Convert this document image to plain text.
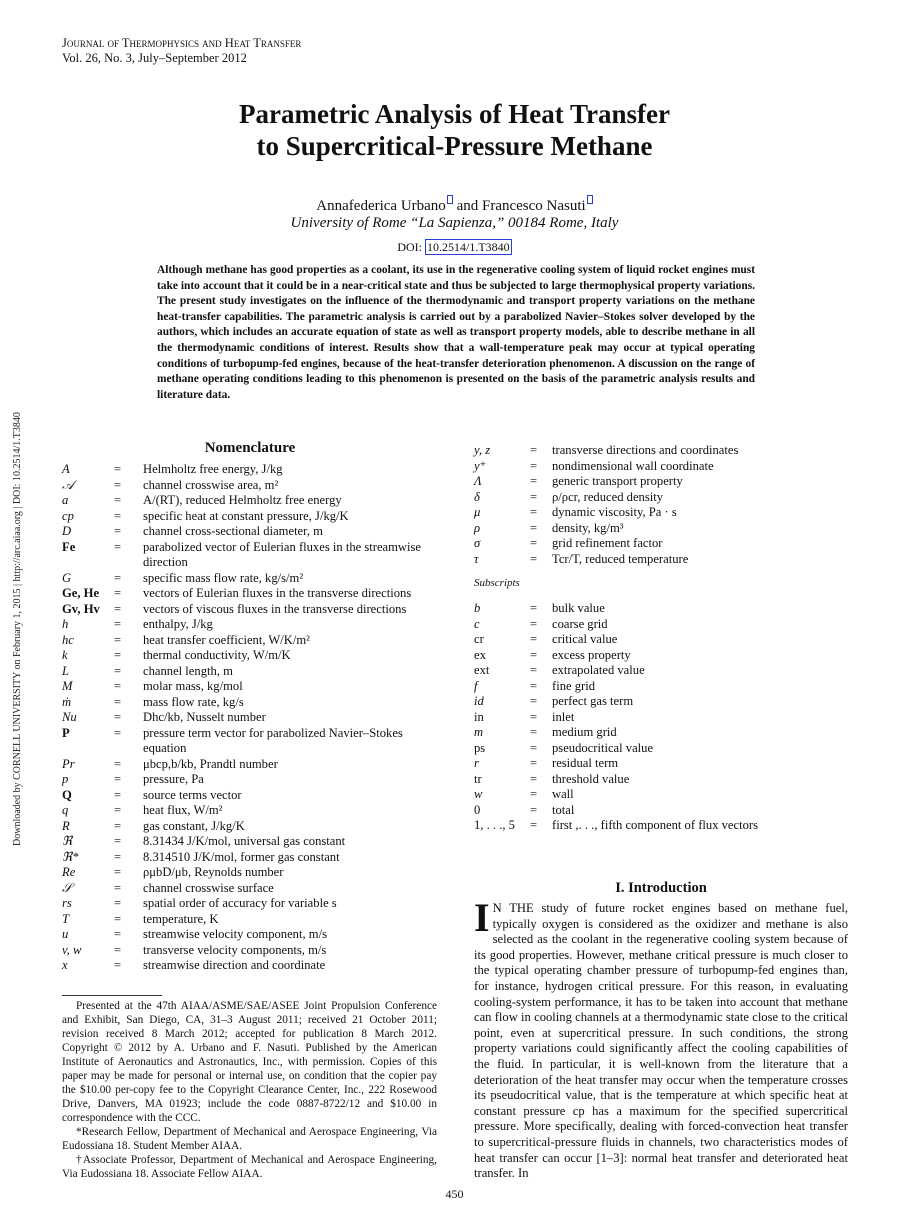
Journal of Thermophysics and Heat Transfer
Vol. 26, No. 3, July–September 2012
Downloaded by CORNELL UNIVERSITY on February 1, 2015 | http://arc.aiaa.org | DOI: 10.2514/1.T3840
Parametric Analysis of Heat Transfer
to Supercritical-Pressure Methane
Annafederica Urbano and Francesco Nasuti
University of Rome “La Sapienza,” 00184 Rome, Italy
DOI: 10.2514/1.T3840
Although methane has good properties as a coolant, its use in the regenerative cooling system of liquid rocket engines must take into account that it could be in a near-critical state and thus be subjected to large thermophysical property variations. The present study investigates on the influence of the thermodynamic and transport property variations on the methane heat-transfer capabilities. The parametric analysis is carried out by a parabolized Navier–Stokes solver developed by the authors, which includes an accurate equation of state as well as transport property models, able to describe methane in all the thermodynamic conditions of interest. Results show that a wall-temperature peak may occur at typical operating conditions of turbopump-fed engines, because of the heat-transfer deterioration phenomenon. A discussion on the range of methane operating conditions leading to this phenomenon is presented on the basis of the parametric analysis results and literature data.
Nomenclature
A	=	Helmholtz free energy, J/kg
𝒜	=	channel crosswise area, m²
a	=	A/(RT), reduced Helmholtz free energy
cp	=	specific heat at constant pressure, J/kg/K
D	=	channel cross-sectional diameter, m
Fe	=	parabolized vector of Eulerian fluxes in the streamwise direction
G	=	specific mass flow rate, kg/s/m²
Ge, He	=	vectors of Eulerian fluxes in the transverse directions
Gv, Hv	=	vectors of viscous fluxes in the transverse directions
h	=	enthalpy, J/kg
hc	=	heat transfer coefficient, W/K/m²
k	=	thermal conductivity, W/m/K
L	=	channel length, m
M	=	molar mass, kg/mol
ṁ	=	mass flow rate, kg/s
Nu	=	Dhc/kb, Nusselt number
P	=	pressure term vector for parabolized Navier–Stokes equation
Pr	=	μbcp,b/kb, Prandtl number
p	=	pressure, Pa
Q	=	source terms vector
q	=	heat flux, W/m²
R	=	gas constant, J/kg/K
ℜ	=	8.31434 J/K/mol, universal gas constant
ℜ*	=	8.314510 J/K/mol, former gas constant
Re	=	ρμbD/μb, Reynolds number
𝒮	=	channel crosswise surface
rs	=	spatial order of accuracy for variable s
T	=	temperature, K
u	=	streamwise velocity component, m/s
v, w	=	transverse velocity components, m/s
x	=	streamwise direction and coordinate
y, z	=	transverse directions and coordinates
y⁺	=	nondimensional wall coordinate
Λ	=	generic transport property
δ	=	ρ/ρcr, reduced density
μ	=	dynamic viscosity, Pa · s
ρ	=	density, kg/m³
σ	=	grid refinement factor
τ	=	Tcr/T, reduced temperature
Subscripts
b	=	bulk value
c	=	coarse grid
cr	=	critical value
ex	=	excess property
ext	=	extrapolated value
f	=	fine grid
id	=	perfect gas term
in	=	inlet
m	=	medium grid
ps	=	pseudocritical value
r	=	residual term
tr	=	threshold value
w	=	wall
0	=	total
1, . . ., 5	=	first ,. . ., fifth component of flux vectors

Presented at the 47th AIAA/ASME/SAE/ASEE Joint Propulsion Conference and Exhibit, San Diego, CA, 31–3 August 2011; received 21 October 2011; revision received 8 March 2012; accepted for publication 8 March 2012. Copyright © 2012 by A. Urbano and F. Nasuti. Published by the American Institute of Aeronautics and Astronautics, Inc., with permission. Copies of this paper may be made for personal or internal use, on condition that the copier pay the $10.00 per-copy fee to the Copyright Clearance Center, Inc., 222 Rosewood Drive, Danvers, MA 01923; include the code 0887-8722/12 and $10.00 in correspondence with the CCC.

*Research Fellow, Department of Mechanical and Aerospace Engineering, Via Eudossiana 18. Student Member AIAA.

†Associate Professor, Department of Mechanical and Aerospace Engineering, Via Eudossiana 18. Associate Fellow AIAA.

I. Introduction
I N THE study of future rocket engines based on methane fuel, typically oxygen is considered as the oxidizer and methane is also selected as the coolant in the regenerative cooling system because of its good properties. However, methane critical pressure is much closer to the typical operating chamber pressure of turbopump-fed engines than, for instance, hydrogen critical pressure. For this reason, in evaluating cooling-system performance, it has to be taken into account that methane can flow in cooling channels at a thermodynamic state close to the critical point, even at supercritical pressure. In such conditions, the strong property variations could significantly affect the cooling capabilities of the fluid. In particular, it is well-known from the literature that a deterioration of the heat transfer may occur when the temperature crosses its pseudocritical value, that is the temperature at which specific heat at constant pressure cp has a maximum for the specified supercritical pressure. More specifically, dealing with forced-convection heat transfer to supercritical-pressure fluids in channels, two characteristics modes of heat transfer can occur [1–3]: normal heat transfer and deteriorated heat transfer. In
450
